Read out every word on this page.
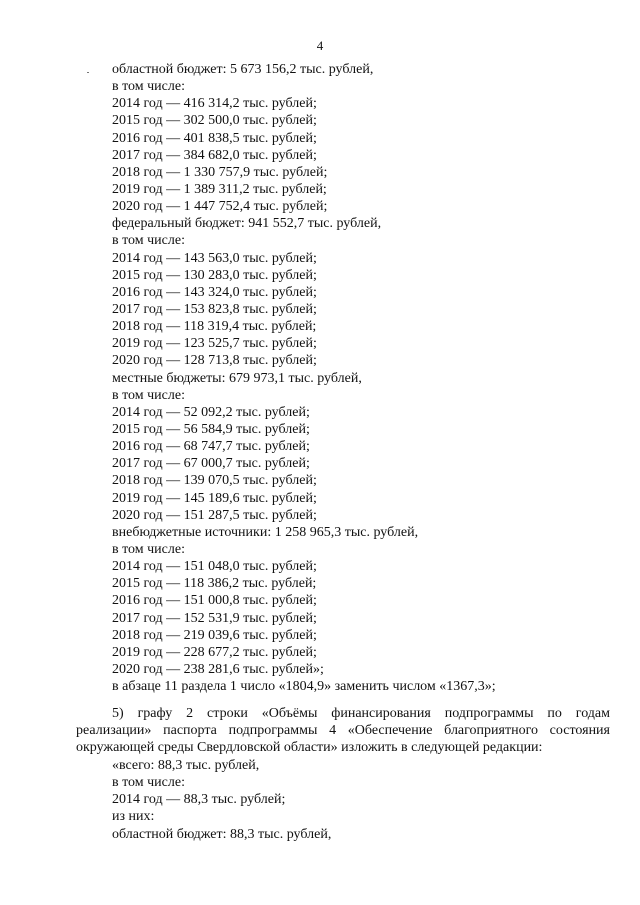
4
областной бюджет: 5 673 156,2 тыс. рублей,
в том числе:
2014 год — 416 314,2 тыс. рублей;
2015 год — 302 500,0 тыс. рублей;
2016 год — 401 838,5 тыс. рублей;
2017 год — 384 682,0 тыс. рублей;
2018 год — 1 330 757,9 тыс. рублей;
2019 год — 1 389 311,2 тыс. рублей;
2020 год — 1 447 752,4 тыс. рублей;
федеральный бюджет: 941 552,7 тыс. рублей,
в том числе:
2014 год — 143 563,0 тыс. рублей;
2015 год — 130 283,0 тыс. рублей;
2016 год — 143 324,0 тыс. рублей;
2017 год — 153 823,8 тыс. рублей;
2018 год — 118 319,4 тыс. рублей;
2019 год — 123 525,7 тыс. рублей;
2020 год — 128 713,8 тыс. рублей;
местные бюджеты: 679 973,1 тыс. рублей,
в том числе:
2014 год — 52 092,2 тыс. рублей;
2015 год — 56 584,9 тыс. рублей;
2016 год — 68 747,7 тыс. рублей;
2017 год — 67 000,7 тыс. рублей;
2018 год — 139 070,5 тыс. рублей;
2019 год — 145 189,6 тыс. рублей;
2020 год — 151 287,5 тыс. рублей;
внебюджетные источники: 1 258 965,3 тыс. рублей,
в том числе:
2014 год — 151 048,0 тыс. рублей;
2015 год — 118 386,2 тыс. рублей;
2016 год — 151 000,8 тыс. рублей;
2017 год — 152 531,9 тыс. рублей;
2018 год — 219 039,6 тыс. рублей;
2019 год — 228 677,2 тыс. рублей;
2020 год — 238 281,6 тыс. рублей»;
в абзаце 11 раздела 1 число «1804,9» заменить числом «1367,3»;
5) графу 2 строки «Объёмы финансирования подпрограммы по годам
реализации» паспорта подпрограммы 4 «Обеспечение благоприятного состояния
окружающей среды Свердловской области» изложить в следующей редакции:
«всего: 88,3 тыс. рублей,
в том числе:
2014 год — 88,3 тыс. рублей;
из них:
областной бюджет: 88,3 тыс. рублей,
